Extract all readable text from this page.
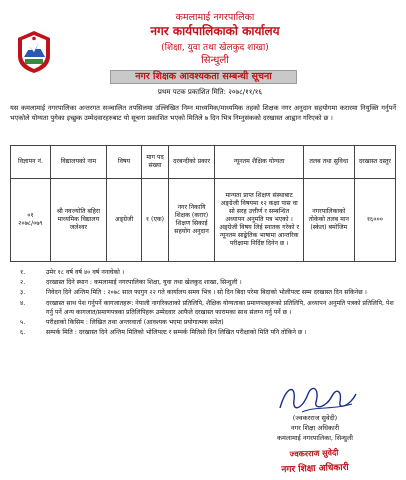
कमलामाई नगरपालिका
नगर कार्यपालिकाको कार्यालय
(शिक्षा, युवा तथा खेलकुद शाखा)
सिन्धुली
नगर शिक्षक आवश्यकता सम्बन्धी सूचना
प्रथम पटक प्रकाशित मिति: २०७८/११/१६
यस कमलामाई नगरपालिका अन्तरगत सञ्चालित तपसिलमा उल्लिखित निम्न माध्यमिक/माध्यमिक तहको शिक्षक नगर अनुदान सहयोगमा करारमा नियुक्ति गर्नुपर्ने भएकोले योग्यता पुगेका इच्छुक उम्मेदवारहरुबाट यो सूचना प्रकाशित भएको मितिले ७ दिन भित्र निम्नुसंकको दरखास्त आह्वान गरिएको छ ।
विज्ञापन नं.	विद्यालयको नाम	विषय	माग पद संख्या	दरबन्दीको प्रकार	न्यूनतम शैक्षिक योग्यता	तलब तथा सुविधा	दरखास्त दस्तुर
०१ २०७८/०७९	श्री नवज्योति बहिरा माध्यमिक विद्यालय जलेश्वर	अङ्ग्रेजी	१ (एक)	नगर निकायि शिक्षक (करार) शिक्षण सिकाई सहयोग अनुदान	मान्यता प्राप्त शिक्षण संस्थाबाट अङ्ग्रेजी विषयमा १२ कक्षा पास वा सो सरह उत्तीर्ण र सम्बन्धित अध्यापन अनुमति पत्र भएको । अङ्ग्रेजी विषय लिई स्नातक गरेको र न्यूनतम साङ्केतिक भाषामा आन्तरिक परीक्षामा निर्दिष्ट दिनेन छ ।	नगरपालिकाको तोकेको तलब मान (स्केल) बमोजिम	१६०००
१.	उमेर १८ वर्ष वर्ष ४० वर्ष ननाघेको ।
२.	दरखास्त दिने स्थान : कमलामाई नगरपालिका शिक्षा, युवा तथा खेलकुद शाखा, सिन्धुली ।
३.	निवेदन दिने अन्तिम मिति : २०७८ साल फागुन २२ गते कार्यालय समय भित्र । सो दिन बिदा परेमा बिदाको भोलीपल्ट सम्म दरखास्त दिन सकिनेछ ।
४.	दरखास्त साथ पेश गर्नुपर्ने कागजातहरू: नेपाली नागरिकताको प्रतिलिपि, शैक्षिक योग्यताका प्रमाणपत्रहरूको प्रतिलिपि, अध्यापन अनुमति पत्रको प्रतिलिपि, पेश गर्नु पर्ने अन्य कागजात/प्रमाणपत्रका प्रतिलिपिहरू उम्मेदवार आफैले दरखास्त फारामका साथ संलग्न गर्नु पर्ने छ ।
५.	परीक्षाको किसिम : लिखित तथा अन्तरवार्ता (आवश्यक भएमा प्रयोगात्मक समेत)
६.	सम्पर्क मिति : दरखास्त दिने अन्तिम मितिको भोलिपल्ट र सम्पर्क मितिसो दिन लिखित परीक्षाको मिति पनि तोकिने छ ।
(ज्वकरराज सुवेदी)
नगर शिक्षा अधिकारी
कमलामाई नगरपालिका, सिन्धुली
ज्वकरराज सुवेदी
नगर शिक्षा अधिकारी
